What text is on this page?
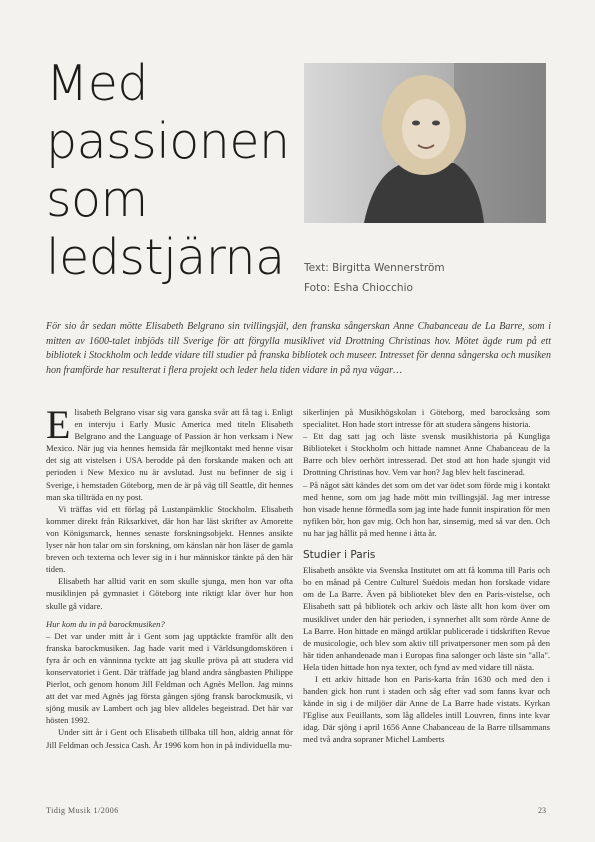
Med
passionen
som
ledstjärna	Text: Birgitta Wennerström
Foto: Esha Chiocchio
För sio år sedan mötte Elisabeth Belgrano sin tvillingsjäl, den franska sångerskan Anne Chabanceau de La Barre, som i mitten av 1600-talet inbjöds till Sverige för att förgylla musiklivet vid Drottning Christinas hov. Mötet ägde rum på ett bibliotek i Stockholm och ledde vidare till studier på franska bibliotek och museer. Intresset för denna sångerska och musiken hon framförde har resulterat i flera projekt och leder hela tiden vidare in på nya vägar…

Elisabeth Belgrano visar sig vara ganska svår att få tag i. Enligt en intervju i Early Music America med titeln Elisabeth Belgrano and the Language of Passion är hon verksam i New Mexico. När jug via hennes hemsida får mejlkontakt med henne visar det sig att vistelsen i USA berodde på den forskande maken och att perioden i New Mexico nu är avslutad. Just nu befinner de sig i Sverige, i hemstaden Göteborg, men de är på väg till Seattle, dit hennes man ska tillträda en ny post.

Vi träffas vid ett förlag på Lustanpämklic Stockholm. Elisabeth kommer direkt från Riksarkivet, där hon har läst skrifter av Amorette von Königsmarck, hennes senaste forskningsobjekt. Hennes ansikte lyser när hon talar om sin forskning, om känslan när hon läser de gamla breven och texterna och lever sig in i hur människor tänkte på den här tiden.

Elisabeth har alltid varit en som skulle sjunga, men hon var ofta musiklinjen på gymnasiet i Göteborg inte riktigt klar över hur hon skulle gå vidare.

Hur kom du in på barockmusiken?

– Det var under mitt år i Gent som jag upptäckte framför allt den franska barockmusiken. Jag hade varit med i Världsungdomskören i fyra år och en vänninna tyckte att jag skulle pröva på att studera vid konservatoriet i Gent. Där träffade jag bland andra sångbasten Philippe Pierlot, och genom honom Jill Feldman och Agnès Mellon. Jag minns att det var med Agnès jag första gången sjöng fransk barockmusik, vi sjöng musik av Lambert och jag blev alldeles begeistrad. Det här var hösten 1992.

Under sitt år i Gent och Elisabeth tillbaka till hon, aldrig annat för Jill Feldman och Jessica Cash. År 1996 kom hon in på individuella mu-

sikerlinjen på Musikhögskolan i Göteborg, med barocksång som specialitet. Hon hade stort intresse för att studera sångens historia.

– Ett dag satt jag och läste svensk musikhistoria på Kungliga Biblioteket i Stockholm och hittade namnet Anne Chabanceau de la Barre och blev oerhört intresserad. Det stod att hon hade sjungit vid Drottning Christinas hov. Vem var hon? Jag blev helt fascinerad.

– På något sätt kändes det som om det var ödet som förde mig i kontakt med henne, som om jag hade mött min tvillingsjäl. Jag mer intresse hon visade henne förmedla som jag inte hade funnit inspiration för men nyfiken bör, hon gav mig. Och hon har, sinsemig, med så var den. Och nu har jag hållit på med henne i åtta år.

Studier i Paris

Elisabeth ansökte via Svenska Institutet om att få komma till Paris och bo en månad på Centre Culturel Suédois medan hon forskade vidare om de La Barre. Även på biblioteket blev den en Paris-vistelse, och Elisabeth satt på bibliotek och arkiv och läste allt hon kom över om musiklivet under den här perioden, i synnerhet allt som rörde Anne de La Barre. Hon hittade en mängd artiklar publicerade i tidskriften Revue de musicologie, och blev som aktiv till privatpersoner men som på den här tiden anhandenade man i Europas fina salonger och läste sin "alla". Hela tiden hittade hon nya texter, och fynd av med vidare till nästa.

I ett arkiv hittade hon en Paris-karta från 1630 och med den i handen gick hon runt i staden och såg efter vad som fanns kvar och kände in sig i de miljöer där Anne de La Barre hade vistats. Kyrkan l'Eglise aux Feuillants, som låg alldeles intill Louvren, finns inte kvar idag. Där sjöng i april 1656 Anne Chabanceau de la Barre tillsammans med två andra sopraner Michel Lamberts

Tidig Musik 1/2006	23
